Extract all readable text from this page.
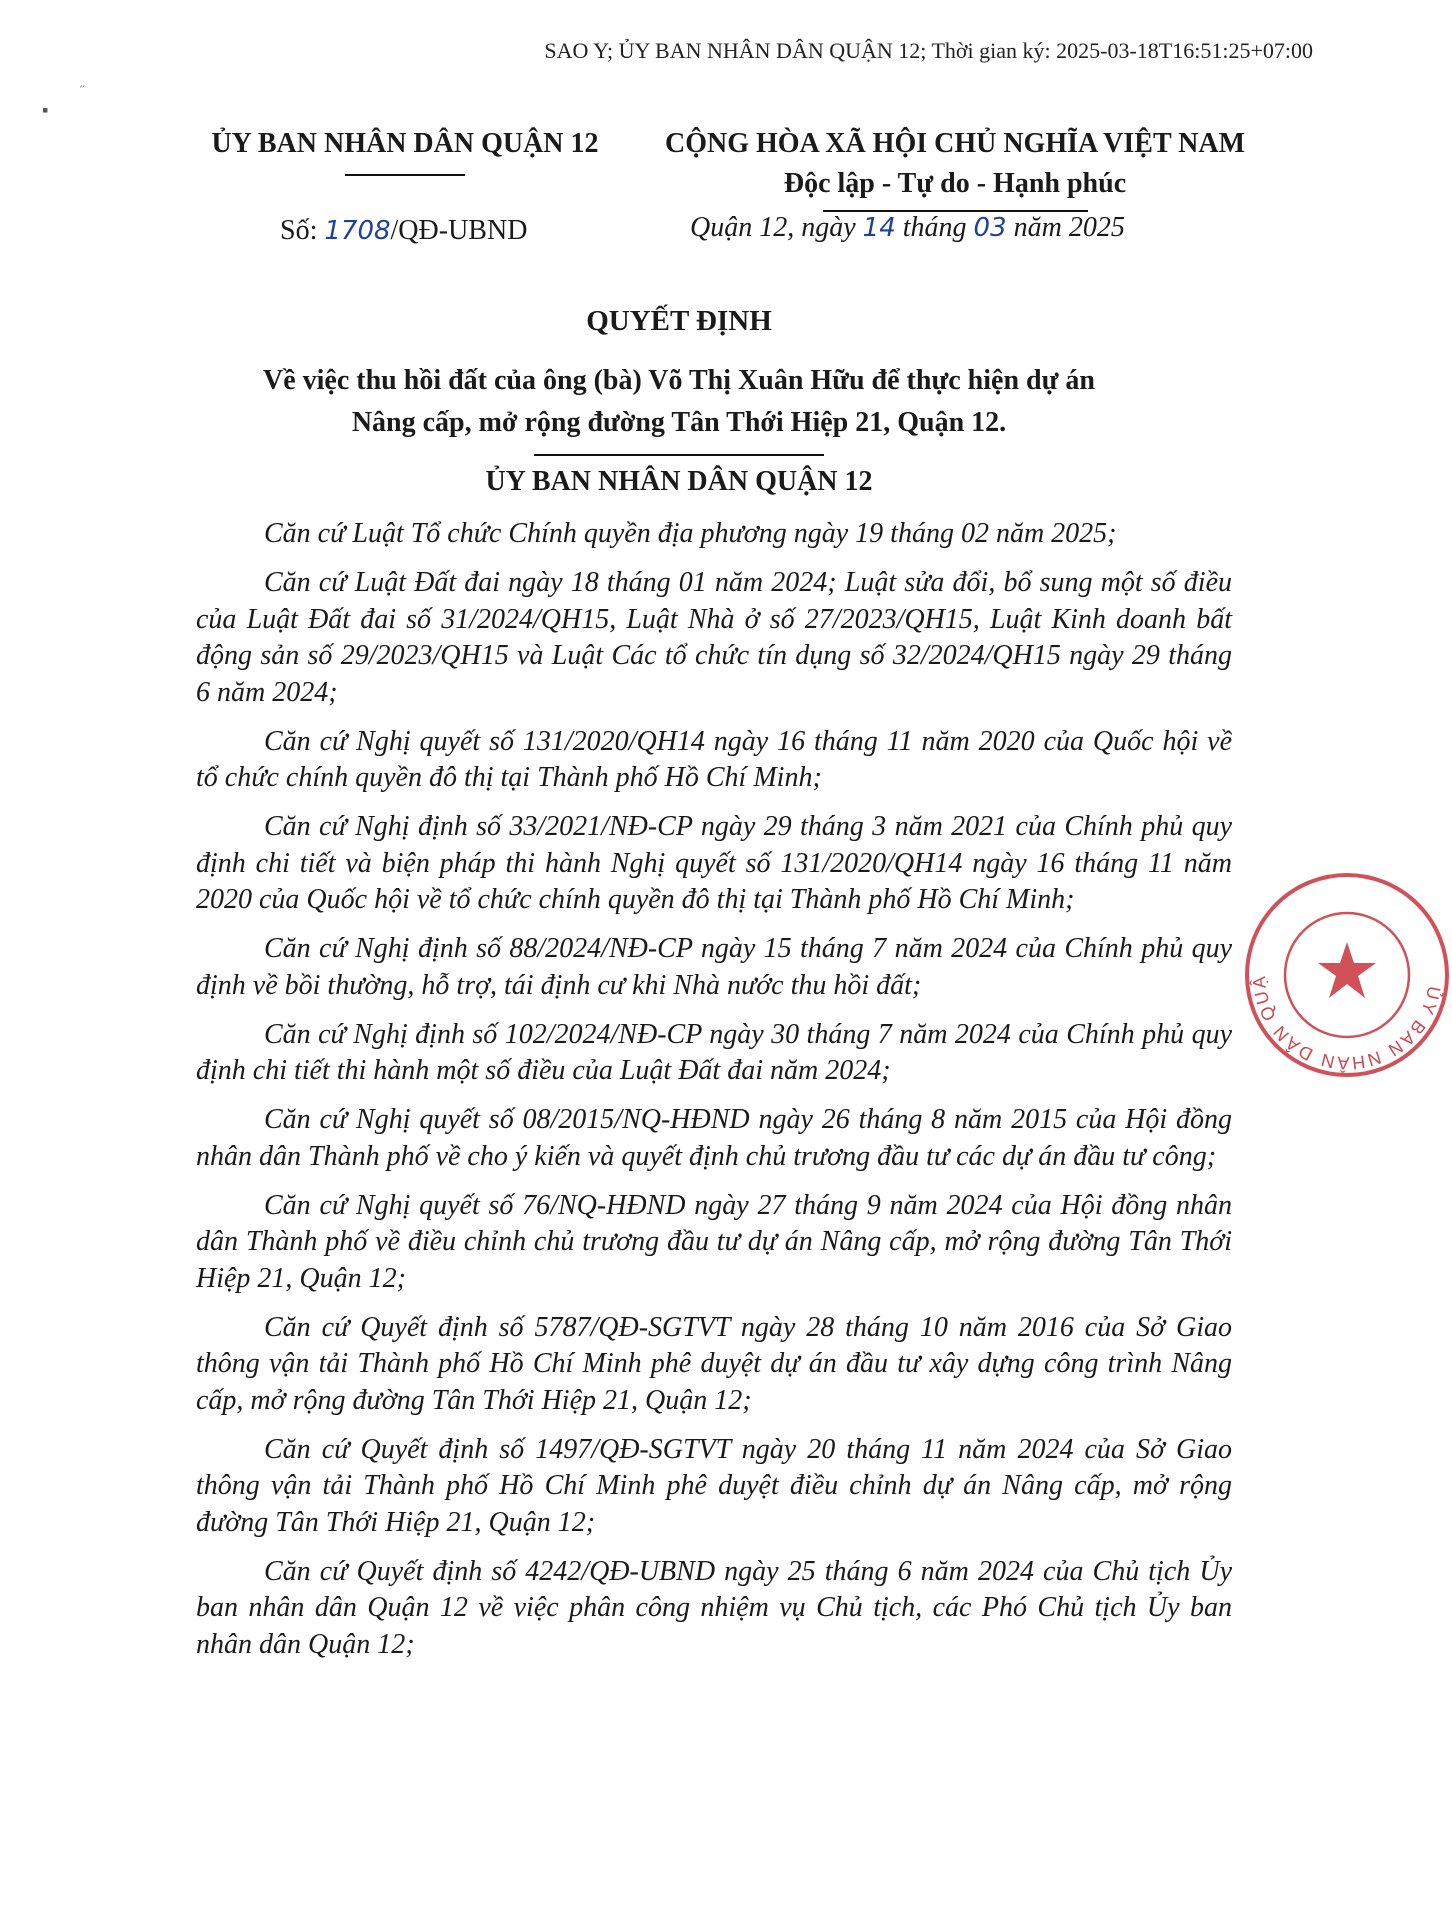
▪
˝
SAO Y; ỦY BAN NHÂN DÂN QUẬN 12; Thời gian ký: 2025-03-18T16:51:25+07:00
ỦY BAN NHÂN DÂN QUẬN 12	CỘNG HÒA XÃ HỘI CHỦ NGHĨA VIỆT NAM
Độc lập - Tự do - Hạnh phúc
Số: 1708/QĐ-UBND	Quận 12, ngày 14 tháng 03 năm 2025
QUYẾT ĐỊNH
Về việc thu hồi đất của ông (bà) Võ Thị Xuân Hữu để thực hiện dự án
Nâng cấp, mở rộng đường Tân Thới Hiệp 21, Quận 12.
ỦY BAN NHÂN DÂN QUẬN 12

Căn cứ Luật Tổ chức Chính quyền địa phương ngày 19 tháng 02 năm 2025;

Căn cứ Luật Đất đai ngày 18 tháng 01 năm 2024; Luật sửa đổi, bổ sung một số điều của Luật Đất đai số 31/2024/QH15, Luật Nhà ở số 27/2023/QH15, Luật Kinh doanh bất động sản số 29/2023/QH15 và Luật Các tổ chức tín dụng số 32/2024/QH15 ngày 29 tháng 6 năm 2024;

Căn cứ Nghị quyết số 131/2020/QH14 ngày 16 tháng 11 năm 2020 của Quốc hội về tổ chức chính quyền đô thị tại Thành phố Hồ Chí Minh;

Căn cứ Nghị định số 33/2021/NĐ-CP ngày 29 tháng 3 năm 2021 của Chính phủ quy định chi tiết và biện pháp thi hành Nghị quyết số 131/2020/QH14 ngày 16 tháng 11 năm 2020 của Quốc hội về tổ chức chính quyền đô thị tại Thành phố Hồ Chí Minh;

Căn cứ Nghị định số 88/2024/NĐ-CP ngày 15 tháng 7 năm 2024 của Chính phủ quy định về bồi thường, hỗ trợ, tái định cư khi Nhà nước thu hồi đất;

Căn cứ Nghị định số 102/2024/NĐ-CP ngày 30 tháng 7 năm 2024 của Chính phủ quy định chi tiết thi hành một số điều của Luật Đất đai năm 2024;

Căn cứ Nghị quyết số 08/2015/NQ-HĐND ngày 26 tháng 8 năm 2015 của Hội đồng nhân dân Thành phố về cho ý kiến và quyết định chủ trương đầu tư các dự án đầu tư công;

Căn cứ Nghị quyết số 76/NQ-HĐND ngày 27 tháng 9 năm 2024 của Hội đồng nhân dân Thành phố về điều chỉnh chủ trương đầu tư dự án Nâng cấp, mở rộng đường Tân Thới Hiệp 21, Quận 12;

Căn cứ Quyết định số 5787/QĐ-SGTVT ngày 28 tháng 10 năm 2016 của Sở Giao thông vận tải Thành phố Hồ Chí Minh phê duyệt dự án đầu tư xây dựng công trình Nâng cấp, mở rộng đường Tân Thới Hiệp 21, Quận 12;

Căn cứ Quyết định số 1497/QĐ-SGTVT ngày 20 tháng 11 năm 2024 của Sở Giao thông vận tải Thành phố Hồ Chí Minh phê duyệt điều chỉnh dự án Nâng cấp, mở rộng đường Tân Thới Hiệp 21, Quận 12;

Căn cứ Quyết định số 4242/QĐ-UBND ngày 25 tháng 6 năm 2024 của Chủ tịch Ủy ban nhân dân Quận 12 về việc phân công nhiệm vụ Chủ tịch, các Phó Chủ tịch Ủy ban nhân dân Quận 12;

ỦY BAN NHÂN DÂN QUẬ
